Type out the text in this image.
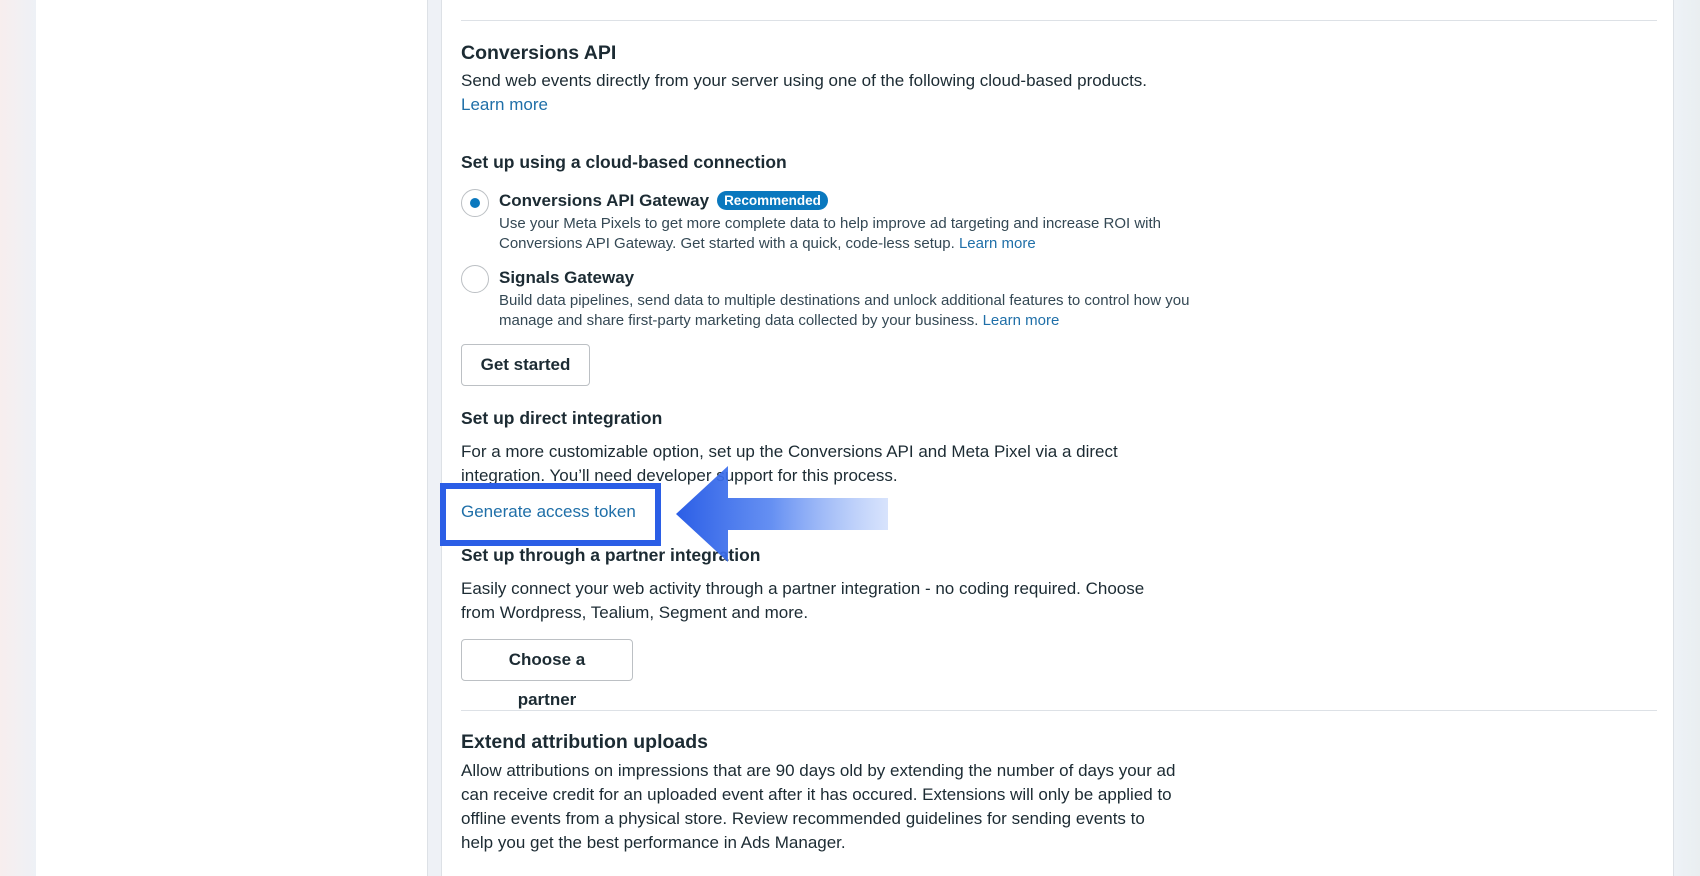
Conversions API
Send web events directly from your server using one of the following cloud-based products.
Learn more
Set up using a cloud-based connection
Conversions API Gateway Recommended
Use your Meta Pixels to get more complete data to help improve ad targeting and increase ROI with Conversions API Gateway. Get started with a quick, code-less setup. Learn more
Signals Gateway
Build data pipelines, send data to multiple destinations and unlock additional features to control how you manage and share first-party marketing data collected by your business. Learn more
Get started
Set up direct integration
For a more customizable option, set up the Conversions API and Meta Pixel via a direct integration. You’ll need developer support for this process.
Generate access token
Set up through a partner integration
Easily connect your web activity through a partner integration - no coding required. Choose from Wordpress, Tealium, Segment and more.
Choose a partner
Extend attribution uploads
Allow attributions on impressions that are 90 days old by extending the number of days your ad can receive credit for an uploaded event after it has occured. Extensions will only be applied to offline events from a physical store. Review recommended guidelines for sending events to help you get the best performance in Ads Manager.
